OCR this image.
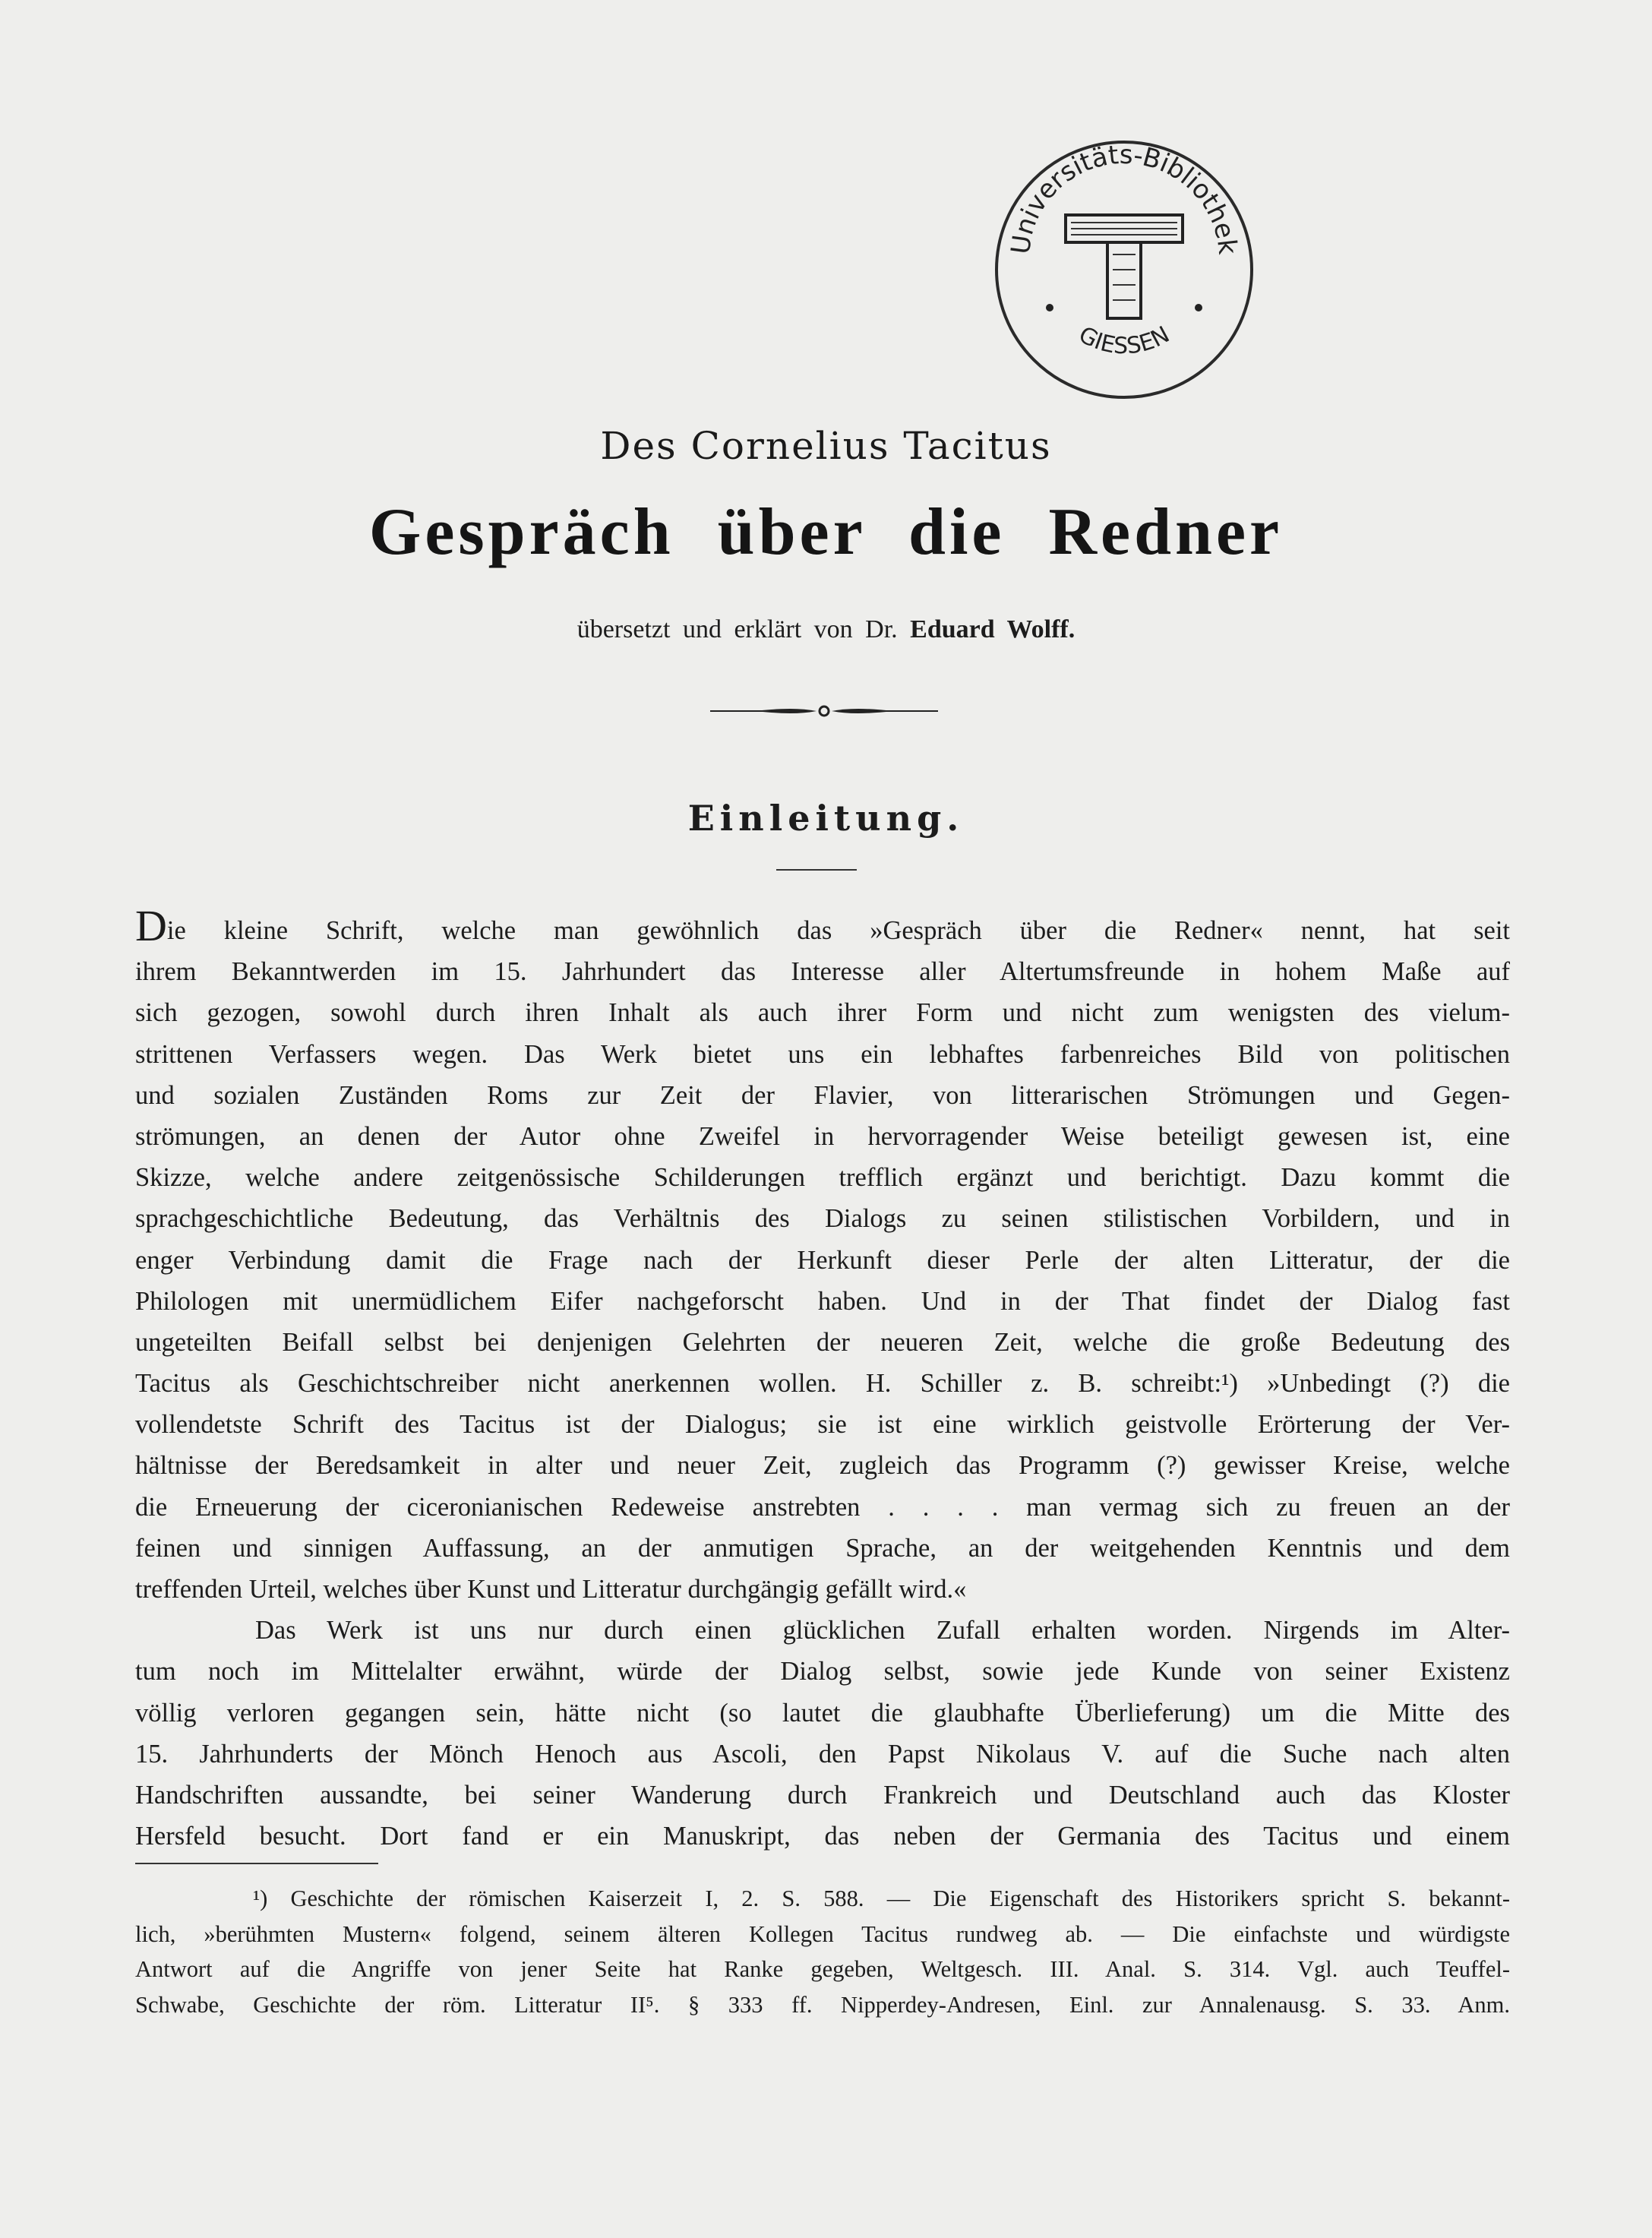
Universitäts-Bibliothek
GIESSEN
Des Cornelius Tacitus
Gespräch über die Redner
übersetzt und erklärt von Dr. Eduard Wolff.
Einleitung.
Die kleine Schrift, welche man gewöhnlich das »Gespräch über die Redner« nennt, hat seit
ihrem Bekanntwerden im 15. Jahrhundert das Interesse aller Altertumsfreunde in hohem Maße auf
sich gezogen, sowohl durch ihren Inhalt als auch ihrer Form und nicht zum wenigsten des vielum-
strittenen Verfassers wegen. Das Werk bietet uns ein lebhaftes farbenreiches Bild von politischen
und sozialen Zuständen Roms zur Zeit der Flavier, von litterarischen Strömungen und Gegen-
strömungen, an denen der Autor ohne Zweifel in hervorragender Weise beteiligt gewesen ist, eine
Skizze, welche andere zeitgenössische Schilderungen trefflich ergänzt und berichtigt. Dazu kommt die
sprachgeschichtliche Bedeutung, das Verhältnis des Dialogs zu seinen stilistischen Vorbildern, und in
enger Verbindung damit die Frage nach der Herkunft dieser Perle der alten Litteratur, der die
Philologen mit unermüdlichem Eifer nachgeforscht haben. Und in der That findet der Dialog fast
ungeteilten Beifall selbst bei denjenigen Gelehrten der neueren Zeit, welche die große Bedeutung des
Tacitus als Geschichtschreiber nicht anerkennen wollen. H. Schiller z. B. schreibt:¹) »Unbedingt (?) die
vollendetste Schrift des Tacitus ist der Dialogus; sie ist eine wirklich geistvolle Erörterung der Ver-
hältnisse der Beredsamkeit in alter und neuer Zeit, zugleich das Programm (?) gewisser Kreise, welche
die Erneuerung der ciceronianischen Redeweise anstrebten . . . . man vermag sich zu freuen an der
feinen und sinnigen Auffassung, an der anmutigen Sprache, an der weitgehenden Kenntnis und dem
treffenden Urteil, welches über Kunst und Litteratur durchgängig gefällt wird.«
Das Werk ist uns nur durch einen glücklichen Zufall erhalten worden. Nirgends im Alter-
tum noch im Mittelalter erwähnt, würde der Dialog selbst, sowie jede Kunde von seiner Existenz
völlig verloren gegangen sein, hätte nicht (so lautet die glaubhafte Überlieferung) um die Mitte des
15. Jahrhunderts der Mönch Henoch aus Ascoli, den Papst Nikolaus V. auf die Suche nach alten
Handschriften aussandte, bei seiner Wanderung durch Frankreich und Deutschland auch das Kloster
Hersfeld besucht. Dort fand er ein Manuskript, das neben der Germania des Tacitus und einem
¹) Geschichte der römischen Kaiserzeit I, 2. S. 588. — Die Eigenschaft des Historikers spricht S. bekannt-
lich, »berühmten Mustern« folgend, seinem älteren Kollegen Tacitus rundweg ab. — Die einfachste und würdigste
Antwort auf die Angriffe von jener Seite hat Ranke gegeben, Weltgesch. III. Anal. S. 314. Vgl. auch Teuffel-
Schwabe, Geschichte der röm. Litteratur II⁵. § 333 ff. Nipperdey-Andresen, Einl. zur Annalenausg. S. 33. Anm.
